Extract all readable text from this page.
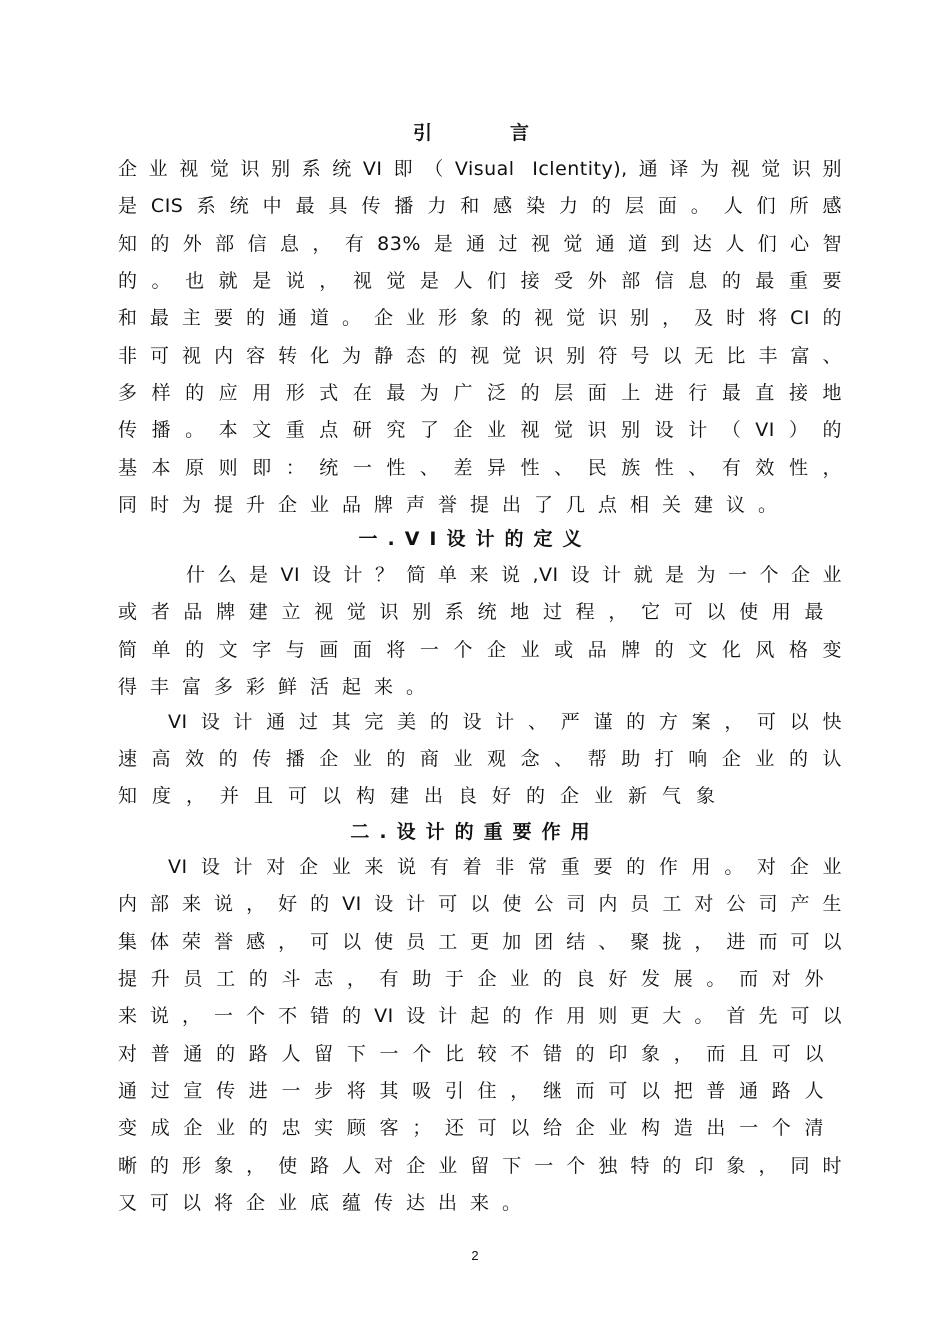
引言
企业视觉识别系统VI即（Visual Iclentity),通译为视觉识别
是CIS系统中最具传播力和感染力的层面。人们所感
知的外部信息，有83%是通过视觉通道到达人们心智
的。也就是说，视觉是人们接受外部信息的最重要
和最主要的通道。企业形象的视觉识别，及时将CI的
非可视内容转化为静态的视觉识别符号以无比丰富、
多样的应用形式在最为广泛的层面上进行最直接地
传播。本文重点研究了企业视觉识别设计（VI）的
基本原则即：统一性、差异性、民族性、有效性，
同时为提升企业品牌声誉提出了几点相关建议。
一.VI设计的定义
什么是VI设计？简单来说,VI设计就是为一个企业
或者品牌建立视觉识别系统地过程，它可以使用最
简单的文字与画面将一个企业或品牌的文化风格变
得丰富多彩鲜活起来。
VI设计通过其完美的设计、严谨的方案，可以快
速高效的传播企业的商业观念、帮助打响企业的认
知度，并且可以构建出良好的企业新气象
二.设计的重要作用
VI设计对企业来说有着非常重要的作用。对企业
内部来说，好的VI设计可以使公司内员工对公司产生
集体荣誉感，可以使员工更加团结、聚拢，进而可以
提升员工的斗志，有助于企业的良好发展。而对外
来说，一个不错的VI设计起的作用则更大。首先可以
对普通的路人留下一个比较不错的印象，而且可以
通过宣传进一步将其吸引住，继而可以把普通路人
变成企业的忠实顾客；还可以给企业构造出一个清
晰的形象，使路人对企业留下一个独特的印象，同时
又可以将企业底蕴传达出来。
2
